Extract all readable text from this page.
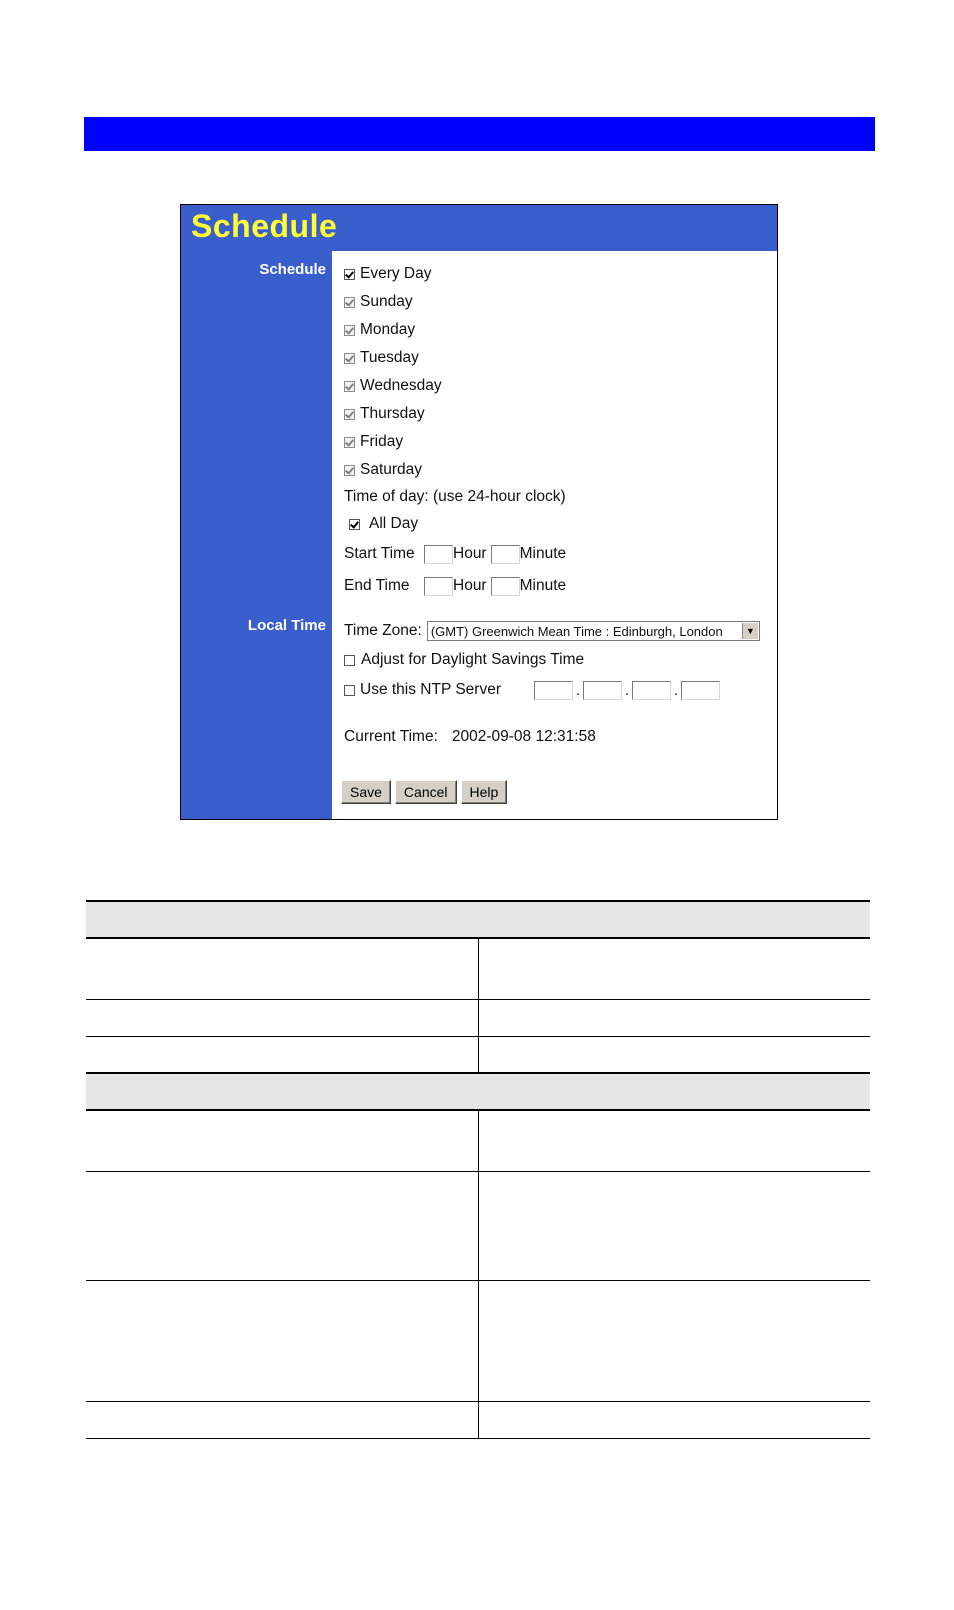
Schedule
Schedule
Local Time
Every Day
Sunday
Monday
Tuesday
Wednesday
Thursday
Friday
Saturday
Time of day: (use 24-hour clock)
All Day
Start Time	Hour Minute
End Time	Hour Minute
Time Zone: (GMT) Greenwich Mean Time : Edinburgh, London	▼
Adjust for Daylight Savings Time
Use this NTP Server	.	.	.
Current Time: 2002-09-08 12:31:58
Save	Cancel	Help
